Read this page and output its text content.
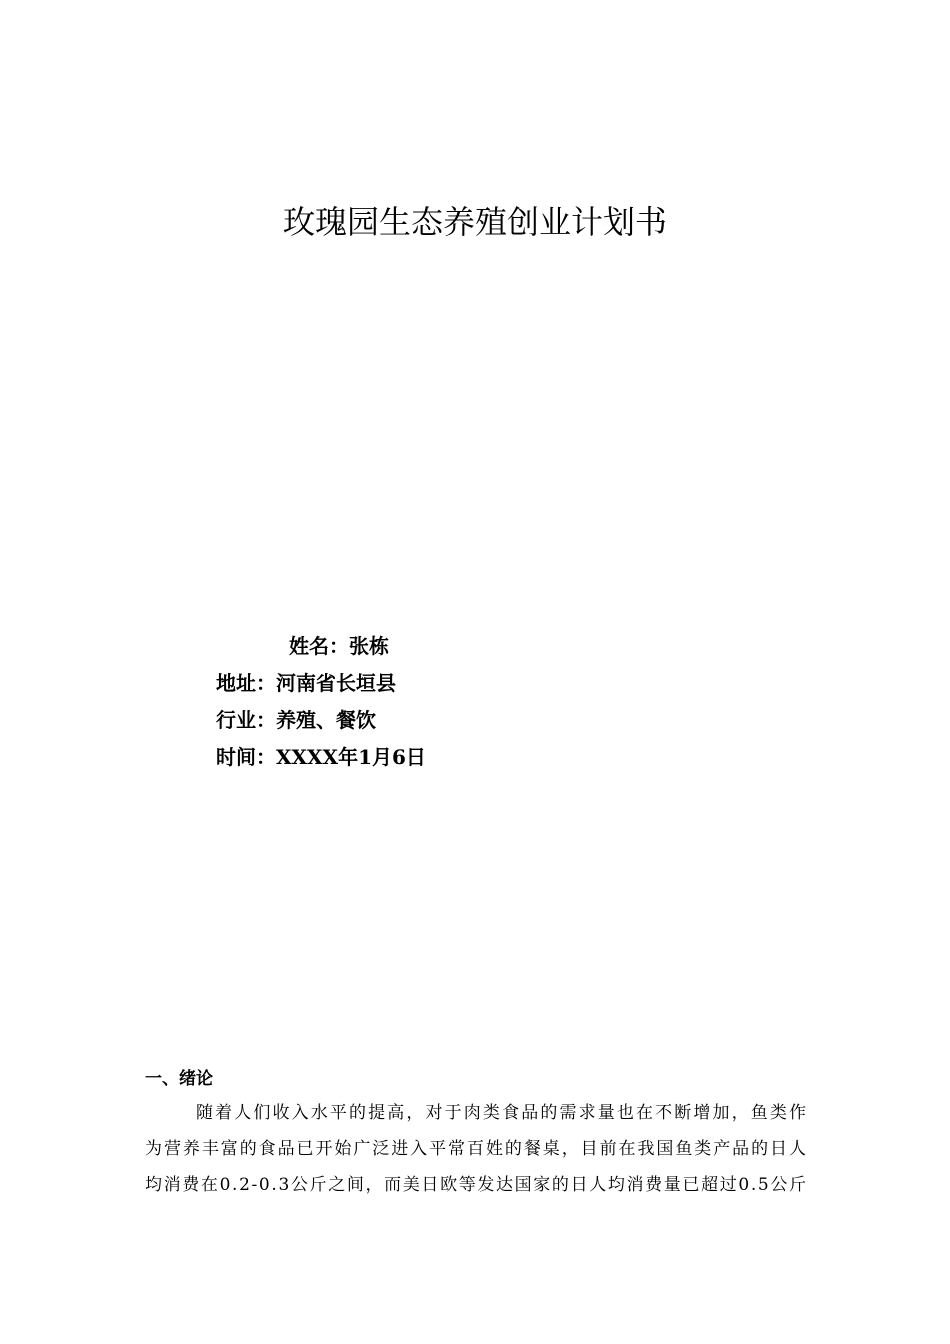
玫瑰园生态养殖创业计划书
姓名：张栋
地址：河南省长垣县
行业：养殖、餐饮
时间：XXXX年1月6日
一、绪论
随着人们收入水平的提高，对于肉类食品的需求量也在不断增加，鱼类作
为营养丰富的食品已开始广泛进入平常百姓的餐桌，目前在我国鱼类产品的日人
均消费在0.2-0.3公斤之间，而美日欧等发达国家的日人均消费量已超过0.5公斤
